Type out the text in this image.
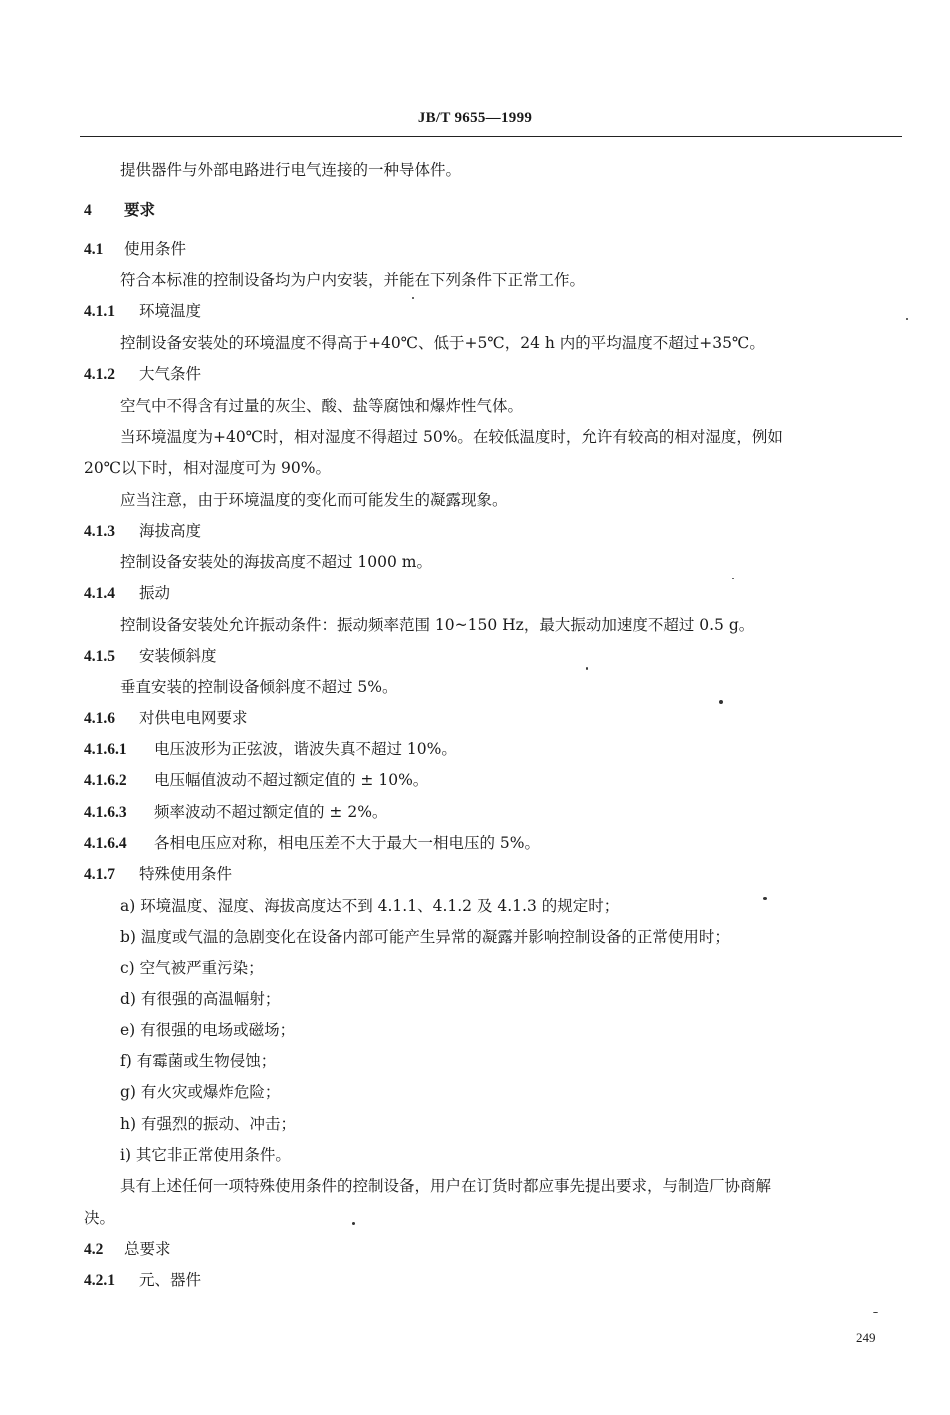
JB/T 9655—1999
提供器件与外部电路进行电气连接的一种导体件。
4 要求
4.1 使用条件
符合本标准的控制设备均为户内安装，并能在下列条件下正常工作。
4.1.1 环境温度
控制设备安装处的环境温度不得高于+40℃、低于+5℃，24 h 内的平均温度不超过+35℃。
4.1.2 大气条件
空气中不得含有过量的灰尘、酸、盐等腐蚀和爆炸性气体。
当环境温度为+40℃时，相对湿度不得超过 50%。在较低温度时，允许有较高的相对湿度，例如
20℃以下时，相对湿度可为 90%。
应当注意，由于环境温度的变化而可能发生的凝露现象。
4.1.3 海拔高度
控制设备安装处的海拔高度不超过 1000 m。
4.1.4 振动
控制设备安装处允许振动条件：振动频率范围 10~150 Hz，最大振动加速度不超过 0.5 g。
4.1.5 安装倾斜度
垂直安装的控制设备倾斜度不超过 5%。
4.1.6 对供电电网要求
4.1.6.1 电压波形为正弦波，谐波失真不超过 10%。
4.1.6.2 电压幅值波动不超过额定值的 ± 10%。
4.1.6.3 频率波动不超过额定值的 ± 2%。
4.1.6.4 各相电压应对称，相电压差不大于最大一相电压的 5%。
4.1.7 特殊使用条件
a) 环境温度、湿度、海拔高度达不到 4.1.1、4.1.2 及 4.1.3 的规定时；
b) 温度或气温的急剧变化在设备内部可能产生异常的凝露并影响控制设备的正常使用时；
c) 空气被严重污染；
d) 有很强的高温幅射；
e) 有很强的电场或磁场；
f) 有霉菌或生物侵蚀；
g) 有火灾或爆炸危险；
h) 有强烈的振动、冲击；
i) 其它非正常使用条件。
具有上述任何一项特殊使用条件的控制设备，用户在订货时都应事先提出要求，与制造厂协商解
决。
4.2 总要求
4.2.1 元、器件
249
